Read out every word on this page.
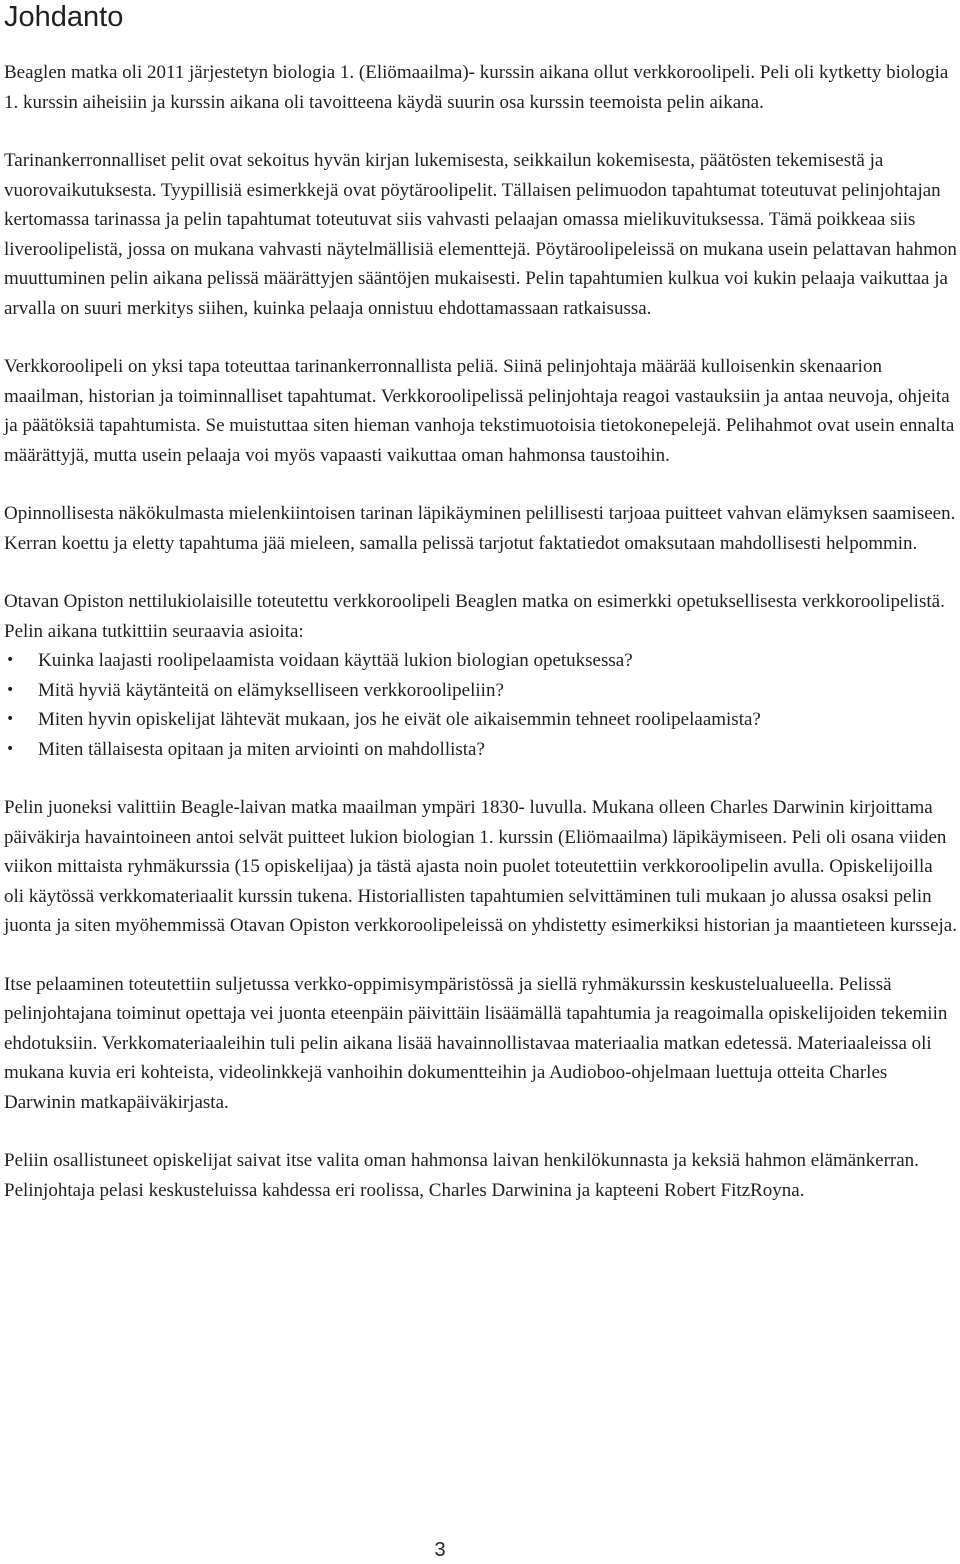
Johdanto

Beaglen matka oli 2011 järjestetyn biologia 1. (Eliömaailma)- kurssin aikana ollut verkkoroolipeli. Peli oli kytketty biologia 1. kurssin aiheisiin ja kurssin aikana oli tavoitteena käydä suurin osa kurssin teemoista pelin aikana.

Tarinankerronnalliset pelit ovat sekoitus hyvän kirjan lukemisesta, seikkailun kokemisesta, päätösten tekemisestä ja vuorovaikutuksesta. Tyypillisiä esimerkkejä ovat pöytäroolipelit. Tällaisen pelimuodon tapahtumat toteutuvat pelinjohtajan kertomassa tarinassa ja pelin tapahtumat toteutuvat siis vahvasti pelaajan omassa mielikuvituksessa. Tämä poikkeaa siis liveroolipelistä, jossa on mukana vahvasti näytelmällisiä elementtejä. Pöytäroolipeleissä on mukana usein pelattavan hahmon muuttuminen pelin aikana pelissä määrättyjen sääntöjen mukaisesti. Pelin tapahtumien kulkua voi kukin pelaaja vaikuttaa ja arvalla on suuri merkitys siihen, kuinka pelaaja onnistuu ehdottamassaan ratkaisussa.

Verkkoroolipeli on yksi tapa toteuttaa tarinankerronnallista peliä. Siinä pelinjohtaja määrää kulloisenkin skenaarion maailman, historian ja toiminnalliset tapahtumat. Verkkoroolipelissä pelinjohtaja reagoi vastauksiin ja antaa neuvoja, ohjeita ja päätöksiä tapahtumista. Se muistuttaa siten hieman vanhoja tekstimuotoisia tietokonepelejä. Pelihahmot ovat usein ennalta määrättyjä, mutta usein pelaaja voi myös vapaasti vaikuttaa oman hahmonsa taustoihin.

Opinnollisesta näkökulmasta mielenkiintoisen tarinan läpikäyminen pelillisesti tarjoaa puitteet vahvan elämyksen saamiseen. Kerran koettu ja eletty tapahtuma jää mieleen, samalla pelissä tarjotut faktatiedot omaksutaan mahdollisesti helpommin.

Otavan Opiston nettilukiolaisille toteutettu verkkoroolipeli Beaglen matka on esimerkki opetuksellisesta verkkoroolipelistä. Pelin aikana tutkittiin seuraavia asioita:

• Kuinka laajasti roolipelaamista voidaan käyttää lukion biologian opetuksessa?
• Mitä hyviä käytänteitä on elämykselliseen verkkoroolipeliin?
• Miten hyvin opiskelijat lähtevät mukaan, jos he eivät ole aikaisemmin tehneet roolipelaamista?
• Miten tällaisesta opitaan ja miten arviointi on mahdollista?

Pelin juoneksi valittiin Beagle-laivan matka maailman ympäri 1830- luvulla. Mukana olleen Charles Darwinin kirjoittama päiväkirja havaintoineen antoi selvät puitteet lukion biologian 1. kurssin (Eliömaailma) läpikäymiseen. Peli oli osana viiden viikon mittaista ryhmäkurssia (15 opiskelijaa) ja tästä ajasta noin puolet toteutettiin verkkoroolipelin avulla. Opiskelijoilla oli käytössä verkkomateriaalit kurssin tukena. Historiallisten tapahtumien selvittäminen tuli mukaan jo alussa osaksi pelin juonta ja siten myöhemmissä Otavan Opiston verkkoroolipeleissä on yhdistetty esimerkiksi historian ja maantieteen kursseja.

Itse pelaaminen toteutettiin suljetussa verkko-oppimisympäristössä ja siellä ryhmäkurssin keskustelualueella. Pelissä pelinjohtajana toiminut opettaja vei juonta eteenpäin päivittäin lisäämällä tapahtumia ja reagoimalla opiskelijoiden tekemiin ehdotuksiin. Verkkomateriaaleihin tuli pelin aikana lisää havainnollistavaa materiaalia matkan edetessä. Materiaaleissa oli mukana kuvia eri kohteista, videolinkkejä vanhoihin dokumentteihin ja Audioboo-ohjelmaan luettuja otteita Charles Darwinin matkapäiväkirjasta.

Peliin osallistuneet opiskelijat saivat itse valita oman hahmonsa laivan henkilökunnasta ja keksiä hahmon elämänkerran. Pelinjohtaja pelasi keskusteluissa kahdessa eri roolissa, Charles Darwinina ja kapteeni Robert FitzRoyna.

3
